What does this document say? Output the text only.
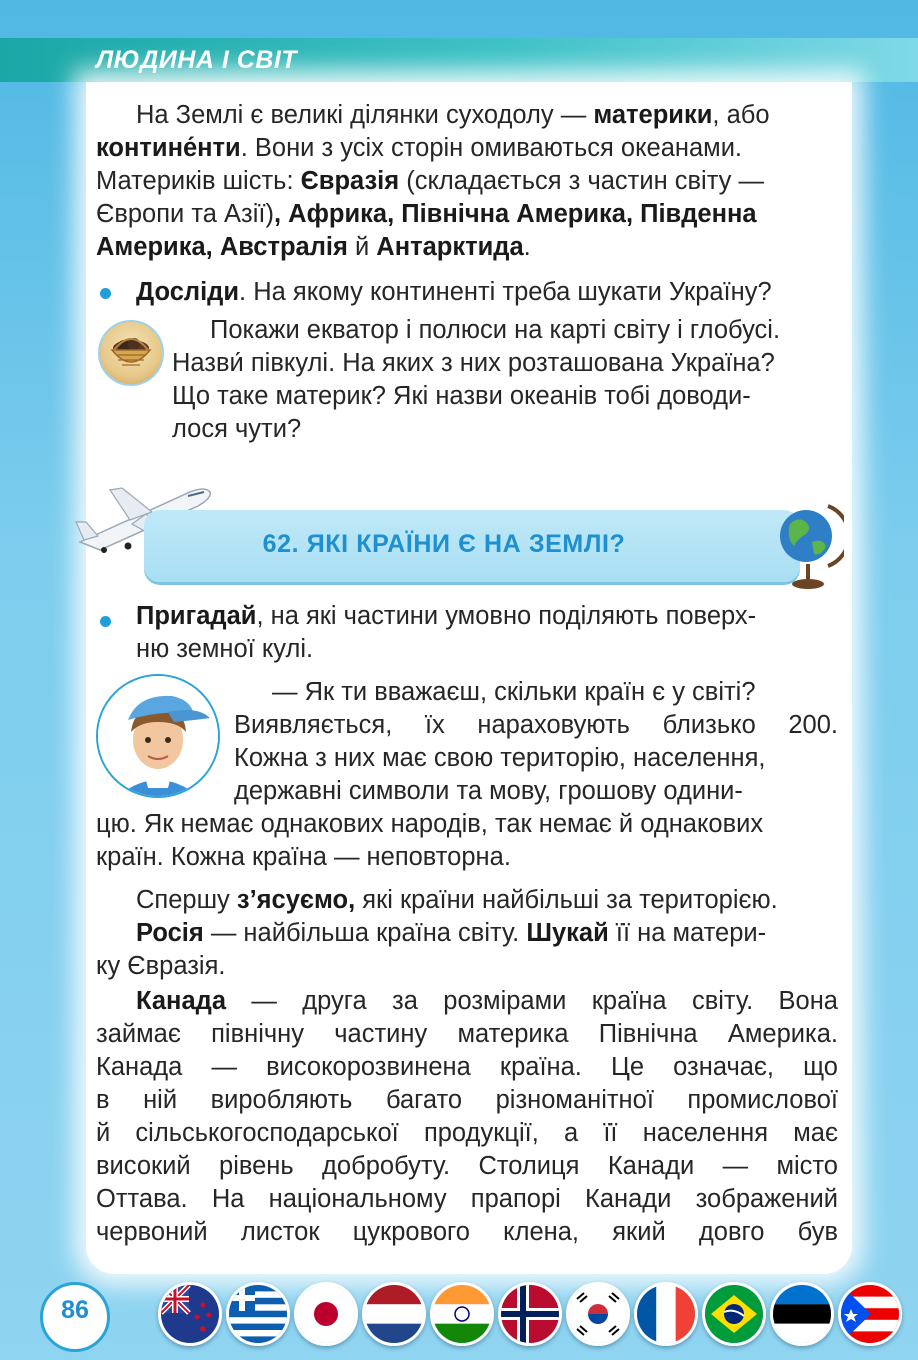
ЛЮДИНА І СВІТ
На Землі є великі ділянки суходолу — материки, або
контине́нти. Вони з усіх сторін омиваються океанами.
Материків шість: Євразія (складається з частин світу —
Європи та Азії), Африка, Північна Америка, Південна
Америка, Австралія й Антарктида.
Досліди. На якому континенті треба шукати Україну?
Покажи екватор і полюси на карті світу і глобусі.
Назви́ півкулі. На яких з них розташована Україна?
Що таке материк? Які назви океанів тобі доводи-
лося чути?
62. ЯКІ КРАЇНИ Є НА ЗЕМЛІ?
Пригадай, на які частини умовно поділяють поверх-
ню земної кулі.
— Як ти вважаєш, скільки країн є у світі?
Виявляється, їх нараховують близько 200.
Кожна з них має свою територію, населення,
державні символи та мову, грошову одини-
цю. Як немає однакових народів, так немає й однакових
країн. Кожна країна — неповторна.
Спершу з’ясуємо, які країни найбільші за територією.
Росія — найбільша країна світу. Шукай її на матери-
ку Євразія.
Канада — друга за розмірами країна світу. Вона
займає північну частину материка Північна Америка.
Канада — високорозвинена країна. Це означає, що
в ній виробляють багато різноманітної промислової
й сільськогосподарської продукції, а її населення має
високий рівень добробуту. Столиця Канади — місто
Оттава. На національному прапорі Канади зображений
червоний листок цукрового клена, який довго був
86
